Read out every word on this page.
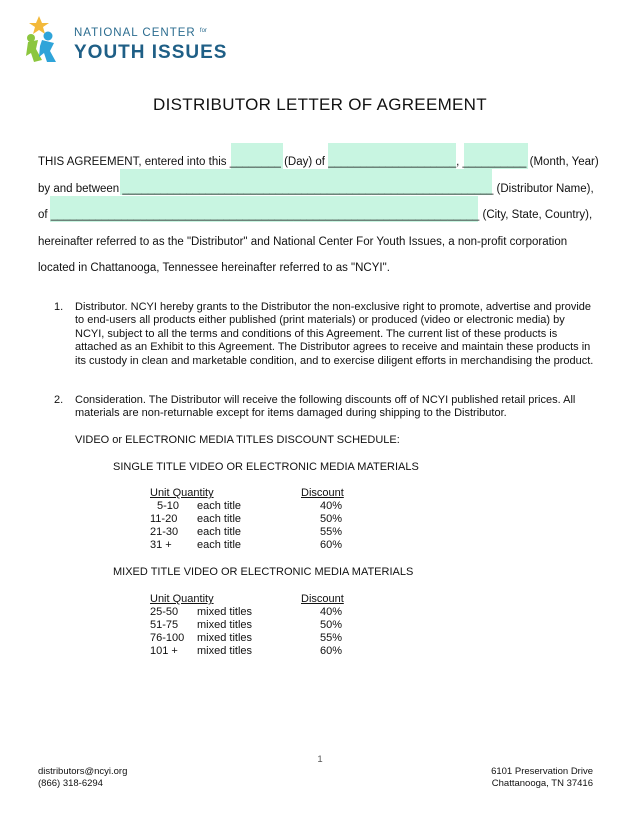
NATIONAL CENTER $^{for}$
YOUTH ISSUES
DISTRIBUTOR LETTER OF AGREEMENT
THIS AGREEMENT, entered into this ________ (Day) of ____________________, __________ (Month, Year)
by and between __________________________________________________________ (Distributor Name),
of ___________________________________________________________________ (City, State, Country),
hereinafter referred to as the "Distributor" and National Center For Youth Issues, a non-profit corporation
located in Chattanooga, Tennessee hereinafter referred to as "NCYI".
1. Distributor. NCYI hereby grants to the Distributor the non-exclusive right to promote, advertise and provide to end-users all products either published (print materials) or produced (video or electronic media) by NCYI, subject to all the terms and conditions of this Agreement. The current list of these products is attached as an Exhibit to this Agreement. The Distributor agrees to receive and maintain these products in its custody in clean and marketable condition, and to exercise diligent efforts in merchandising the product.
2. Consideration. The Distributor will receive the following discounts off of NCYI published retail prices. All materials are non-returnable except for items damaged during shipping to the Distributor.
VIDEO or ELECTRONIC MEDIA TITLES DISCOUNT SCHEDULE:
SINGLE TITLE VIDEO OR ELECTRONIC MEDIA MATERIALS
Unit Quantity	Discount
5-10 each title	40%
11-20 each title	50%
21-30 each title	55%
31 + each title	60%
MIXED TITLE VIDEO OR ELECTRONIC MEDIA MATERIALS
Unit Quantity	Discount
25-50 mixed titles	40%
51-75 mixed titles	50%
76-100 mixed titles	55%
101 + mixed titles	60%
1
distributors@ncyi.org
(866) 318-6294
6101 Preservation Drive
Chattanooga, TN 37416
